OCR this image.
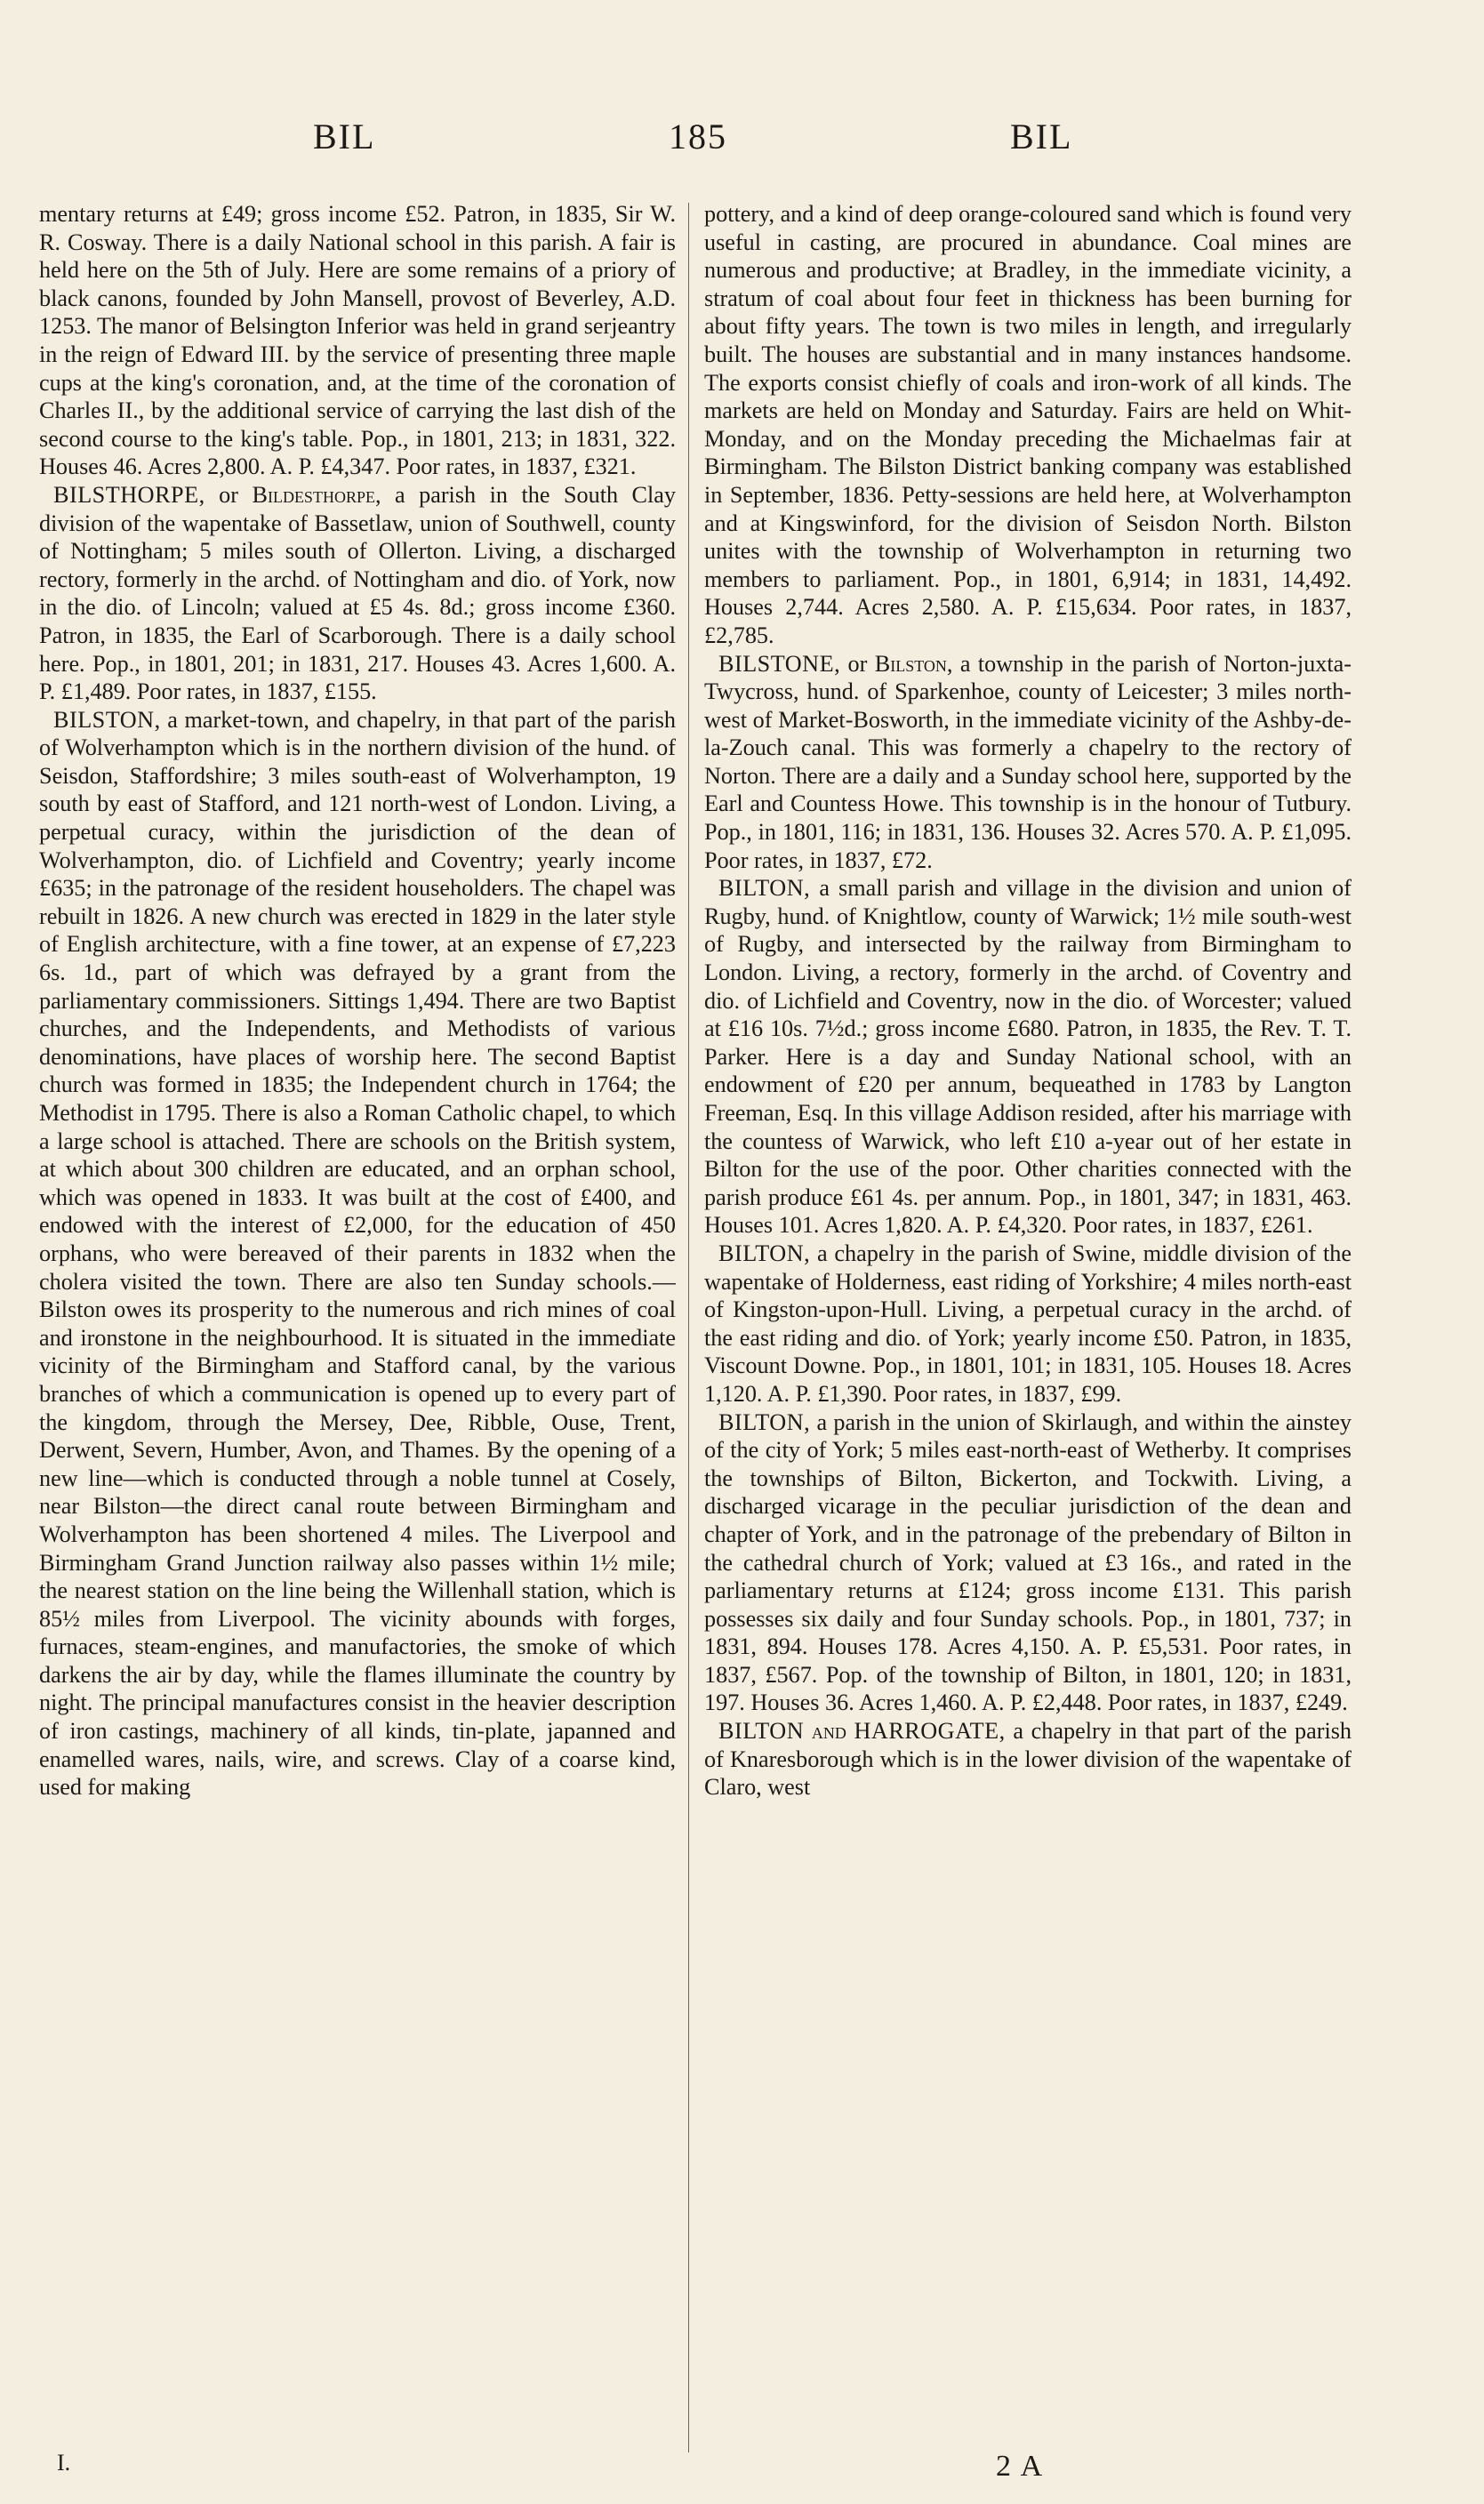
BIL	185	BIL

mentary returns at £49; gross income £52. Patron, in 1835, Sir W. R. Cosway. There is a daily National school in this parish. A fair is held here on the 5th of July. Here are some remains of a priory of black canons, founded by John Mansell, provost of Beverley, A.D. 1253. The manor of Belsington Inferior was held in grand serjeantry in the reign of Edward III. by the service of presenting three maple cups at the king's coronation, and, at the time of the coronation of Charles II., by the additional service of carrying the last dish of the second course to the king's table. Pop., in 1801, 213; in 1831, 322. Houses 46. Acres 2,800. A. P. £4,347. Poor rates, in 1837, £321.

BILSTHORPE, or Bildesthorpe, a parish in the South Clay division of the wapentake of Bassetlaw, union of Southwell, county of Nottingham; 5 miles south of Ollerton. Living, a discharged rectory, formerly in the archd. of Nottingham and dio. of York, now in the dio. of Lincoln; valued at £5 4s. 8d.; gross income £360. Patron, in 1835, the Earl of Scarborough. There is a daily school here. Pop., in 1801, 201; in 1831, 217. Houses 43. Acres 1,600. A. P. £1,489. Poor rates, in 1837, £155.

BILSTON, a market-town, and chapelry, in that part of the parish of Wolverhampton which is in the northern division of the hund. of Seisdon, Staffordshire; 3 miles south-east of Wolverhampton, 19 south by east of Stafford, and 121 north-west of London. Living, a perpetual curacy, within the jurisdiction of the dean of Wolverhampton, dio. of Lichfield and Coventry; yearly income £635; in the patronage of the resident householders. The chapel was rebuilt in 1826. A new church was erected in 1829 in the later style of English architecture, with a fine tower, at an expense of £7,223 6s. 1d., part of which was defrayed by a grant from the parliamentary commissioners. Sittings 1,494. There are two Baptist churches, and the Independents, and Methodists of various denominations, have places of worship here. The second Baptist church was formed in 1835; the Independent church in 1764; the Methodist in 1795. There is also a Roman Catholic chapel, to which a large school is attached. There are schools on the British system, at which about 300 children are educated, and an orphan school, which was opened in 1833. It was built at the cost of £400, and endowed with the interest of £2,000, for the education of 450 orphans, who were bereaved of their parents in 1832 when the cholera visited the town. There are also ten Sunday schools.—Bilston owes its prosperity to the numerous and rich mines of coal and ironstone in the neighbourhood. It is situated in the immediate vicinity of the Birmingham and Stafford canal, by the various branches of which a communication is opened up to every part of the kingdom, through the Mersey, Dee, Ribble, Ouse, Trent, Derwent, Severn, Humber, Avon, and Thames. By the opening of a new line—which is conducted through a noble tunnel at Cosely, near Bilston—the direct canal route between Birmingham and Wolverhampton has been shortened 4 miles. The Liverpool and Birmingham Grand Junction railway also passes within 1½ mile; the nearest station on the line being the Willenhall station, which is 85½ miles from Liverpool. The vicinity abounds with forges, furnaces, steam-engines, and manufactories, the smoke of which darkens the air by day, while the flames illuminate the country by night. The principal manufactures consist in the heavier description of iron castings, machinery of all kinds, tin-plate, japanned and enamelled wares, nails, wire, and screws. Clay of a coarse kind, used for making

pottery, and a kind of deep orange-coloured sand which is found very useful in casting, are procured in abundance. Coal mines are numerous and productive; at Bradley, in the immediate vicinity, a stratum of coal about four feet in thickness has been burning for about fifty years. The town is two miles in length, and irregularly built. The houses are substantial and in many instances handsome. The exports consist chiefly of coals and iron-work of all kinds. The markets are held on Monday and Saturday. Fairs are held on Whit-Monday, and on the Monday preceding the Michaelmas fair at Birmingham. The Bilston District banking company was established in September, 1836. Petty-sessions are held here, at Wolverhampton and at Kingswinford, for the division of Seisdon North. Bilston unites with the township of Wolverhampton in returning two members to parliament. Pop., in 1801, 6,914; in 1831, 14,492. Houses 2,744. Acres 2,580. A. P. £15,634. Poor rates, in 1837, £2,785.

BILSTONE, or Bilston, a township in the parish of Norton-juxta-Twycross, hund. of Sparkenhoe, county of Leicester; 3 miles north-west of Market-Bosworth, in the immediate vicinity of the Ashby-de-la-Zouch canal. This was formerly a chapelry to the rectory of Norton. There are a daily and a Sunday school here, supported by the Earl and Countess Howe. This township is in the honour of Tutbury. Pop., in 1801, 116; in 1831, 136. Houses 32. Acres 570. A. P. £1,095. Poor rates, in 1837, £72.

BILTON, a small parish and village in the division and union of Rugby, hund. of Knightlow, county of Warwick; 1½ mile south-west of Rugby, and intersected by the railway from Birmingham to London. Living, a rectory, formerly in the archd. of Coventry and dio. of Lichfield and Coventry, now in the dio. of Worcester; valued at £16 10s. 7½d.; gross income £680. Patron, in 1835, the Rev. T. T. Parker. Here is a day and Sunday National school, with an endowment of £20 per annum, bequeathed in 1783 by Langton Freeman, Esq. In this village Addison resided, after his marriage with the countess of Warwick, who left £10 a-year out of her estate in Bilton for the use of the poor. Other charities connected with the parish produce £61 4s. per annum. Pop., in 1801, 347; in 1831, 463. Houses 101. Acres 1,820. A. P. £4,320. Poor rates, in 1837, £261.

BILTON, a chapelry in the parish of Swine, middle division of the wapentake of Holderness, east riding of Yorkshire; 4 miles north-east of Kingston-upon-Hull. Living, a perpetual curacy in the archd. of the east riding and dio. of York; yearly income £50. Patron, in 1835, Viscount Downe. Pop., in 1801, 101; in 1831, 105. Houses 18. Acres 1,120. A. P. £1,390. Poor rates, in 1837, £99.

BILTON, a parish in the union of Skirlaugh, and within the ainstey of the city of York; 5 miles east-north-east of Wetherby. It comprises the townships of Bilton, Bickerton, and Tockwith. Living, a discharged vicarage in the peculiar jurisdiction of the dean and chapter of York, and in the patronage of the prebendary of Bilton in the cathedral church of York; valued at £3 16s., and rated in the parliamentary returns at £124; gross income £131. This parish possesses six daily and four Sunday schools. Pop., in 1801, 737; in 1831, 894. Houses 178. Acres 4,150. A. P. £5,531. Poor rates, in 1837, £567. Pop. of the township of Bilton, in 1801, 120; in 1831, 197. Houses 36. Acres 1,460. A. P. £2,448. Poor rates, in 1837, £249.

BILTON and HARROGATE, a chapelry in that part of the parish of Knaresborough which is in the lower division of the wapentake of Claro, west

I.	2 A
